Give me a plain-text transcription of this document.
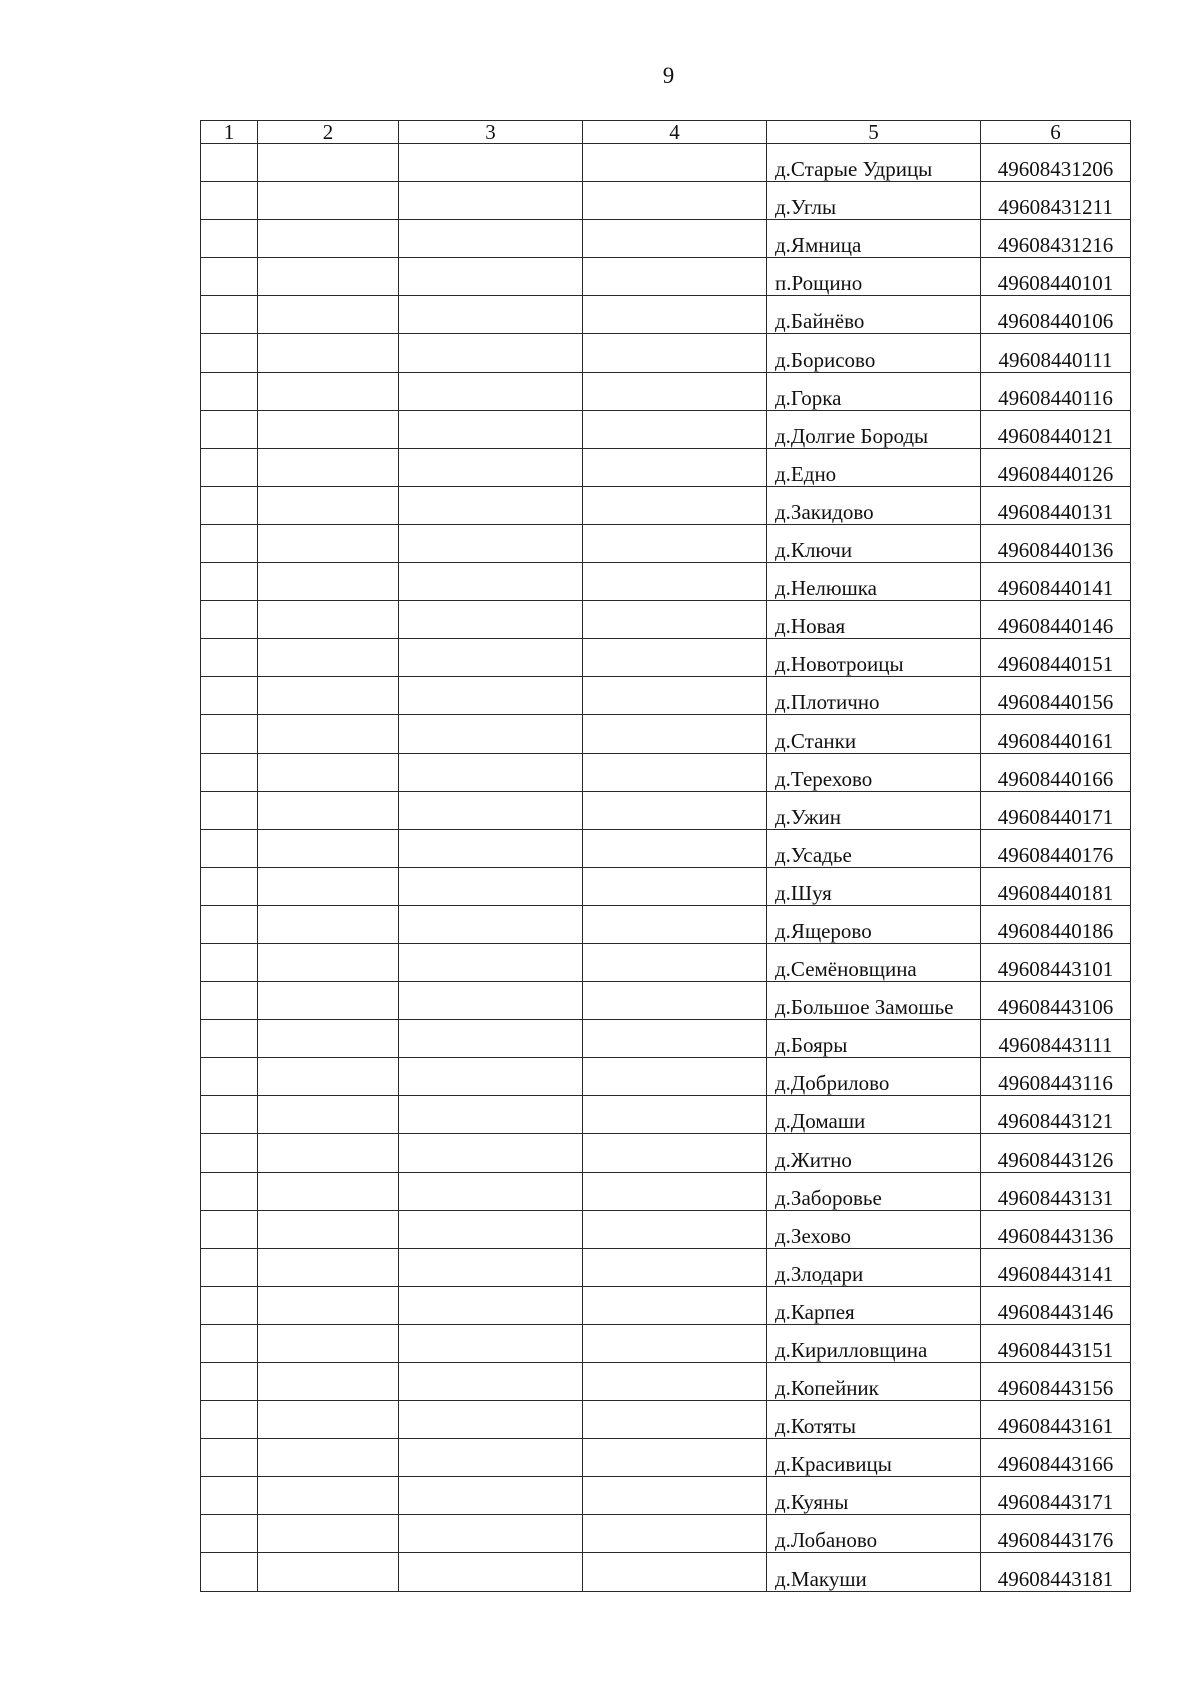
9
1	2	3	4	5	6
				д.Старые Удрицы	49608431206
				д.Углы	49608431211
				д.Ямница	49608431216
				п.Рощино	49608440101
				д.Байнёво	49608440106
				д.Борисово	49608440111
				д.Горка	49608440116
				д.Долгие Бороды	49608440121
				д.Едно	49608440126
				д.Закидово	49608440131
				д.Ключи	49608440136
				д.Нелюшка	49608440141
				д.Новая	49608440146
				д.Новотроицы	49608440151
				д.Плотично	49608440156
				д.Станки	49608440161
				д.Терехово	49608440166
				д.Ужин	49608440171
				д.Усадье	49608440176
				д.Шуя	49608440181
				д.Ящерово	49608440186
				д.Семёновщина	49608443101
				д.Большое Замошье	49608443106
				д.Бояры	49608443111
				д.Добрилово	49608443116
				д.Домаши	49608443121
				д.Житно	49608443126
				д.Заборовье	49608443131
				д.Зехово	49608443136
				д.Злодари	49608443141
				д.Карпея	49608443146
				д.Кирилловщина	49608443151
				д.Копейник	49608443156
				д.Котяты	49608443161
				д.Красивицы	49608443166
				д.Куяны	49608443171
				д.Лобаново	49608443176
				д.Макуши	49608443181
